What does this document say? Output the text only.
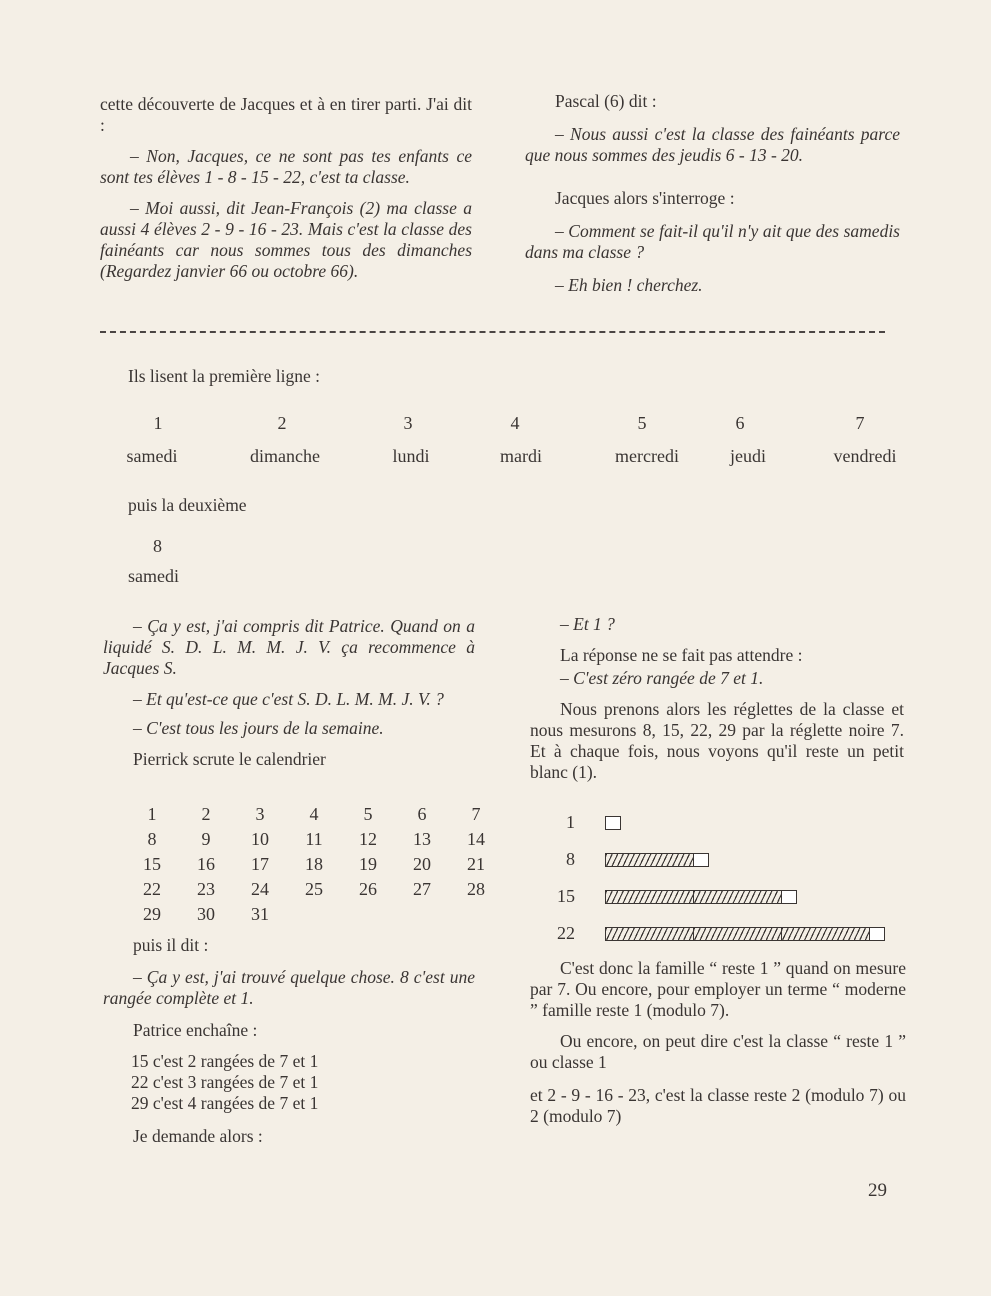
cette découverte de Jacques et à en tirer parti. J'ai dit :

– Non, Jacques, ce ne sont pas tes enfants ce sont tes élèves 1 - 8 - 15 - 22, c'est ta classe.

– Moi aussi, dit Jean-François (2) ma classe a aussi 4 élèves 2 - 9 - 16 - 23. Mais c'est la classe des fainéants car nous sommes tous des dimanches (Regardez janvier 66 ou octobre 66).

Pascal (6) dit :

– Nous aussi c'est la classe des fainéants parce que nous sommes des jeudis 6 - 13 - 20.

Jacques alors s'interroge :

– Comment se fait-il qu'il n'y ait que des samedis dans ma classe ?

– Eh bien ! cherchez.

Ils lisent la première ligne :
1	2	3	4	5	6	7
samedi	dimanche	lundi	mardi	mercredi	jeudi	vendredi
puis la deuxième
8
samedi

– Ça y est, j'ai compris dit Patrice. Quand on a liquidé S. D. L. M. M. J. V. ça recommence à Jacques S.

– Et qu'est-ce que c'est S. D. L. M. M. J. V. ?

– C'est tous les jours de la semaine.

Pierrick scrute le calendrier

1	2	3	4	5	6	7
8	9	10	11	12	13	14
15	16	17	18	19	20	21
22	23	24	25	26	27	28
29	30	31

puis il dit :

– Ça y est, j'ai trouvé quelque chose. 8 c'est une rangée complète et 1.

Patrice enchaîne :

15 c'est 2 rangées de 7 et 1

22 c'est 3 rangées de 7 et 1

29 c'est 4 rangées de 7 et 1

Je demande alors :

– Et 1 ?

La réponse ne se fait pas attendre :

– C'est zéro rangée de 7 et 1.

Nous prenons alors les réglettes de la classe et nous mesurons 8, 15, 22, 29 par la réglette noire 7. Et à chaque fois, nous voyons qu'il reste un petit blanc (1).

1
8
15
22

C'est donc la famille “ reste 1 ” quand on mesure par 7. Ou encore, pour employer un terme “ moderne ” famille reste 1 (modulo 7).

Ou encore, on peut dire c'est la classe “ reste 1 ” ou classe 1

et 2 - 9 - 16 - 23, c'est la classe reste 2 (modulo 7) ou 2 (modulo 7)

29
